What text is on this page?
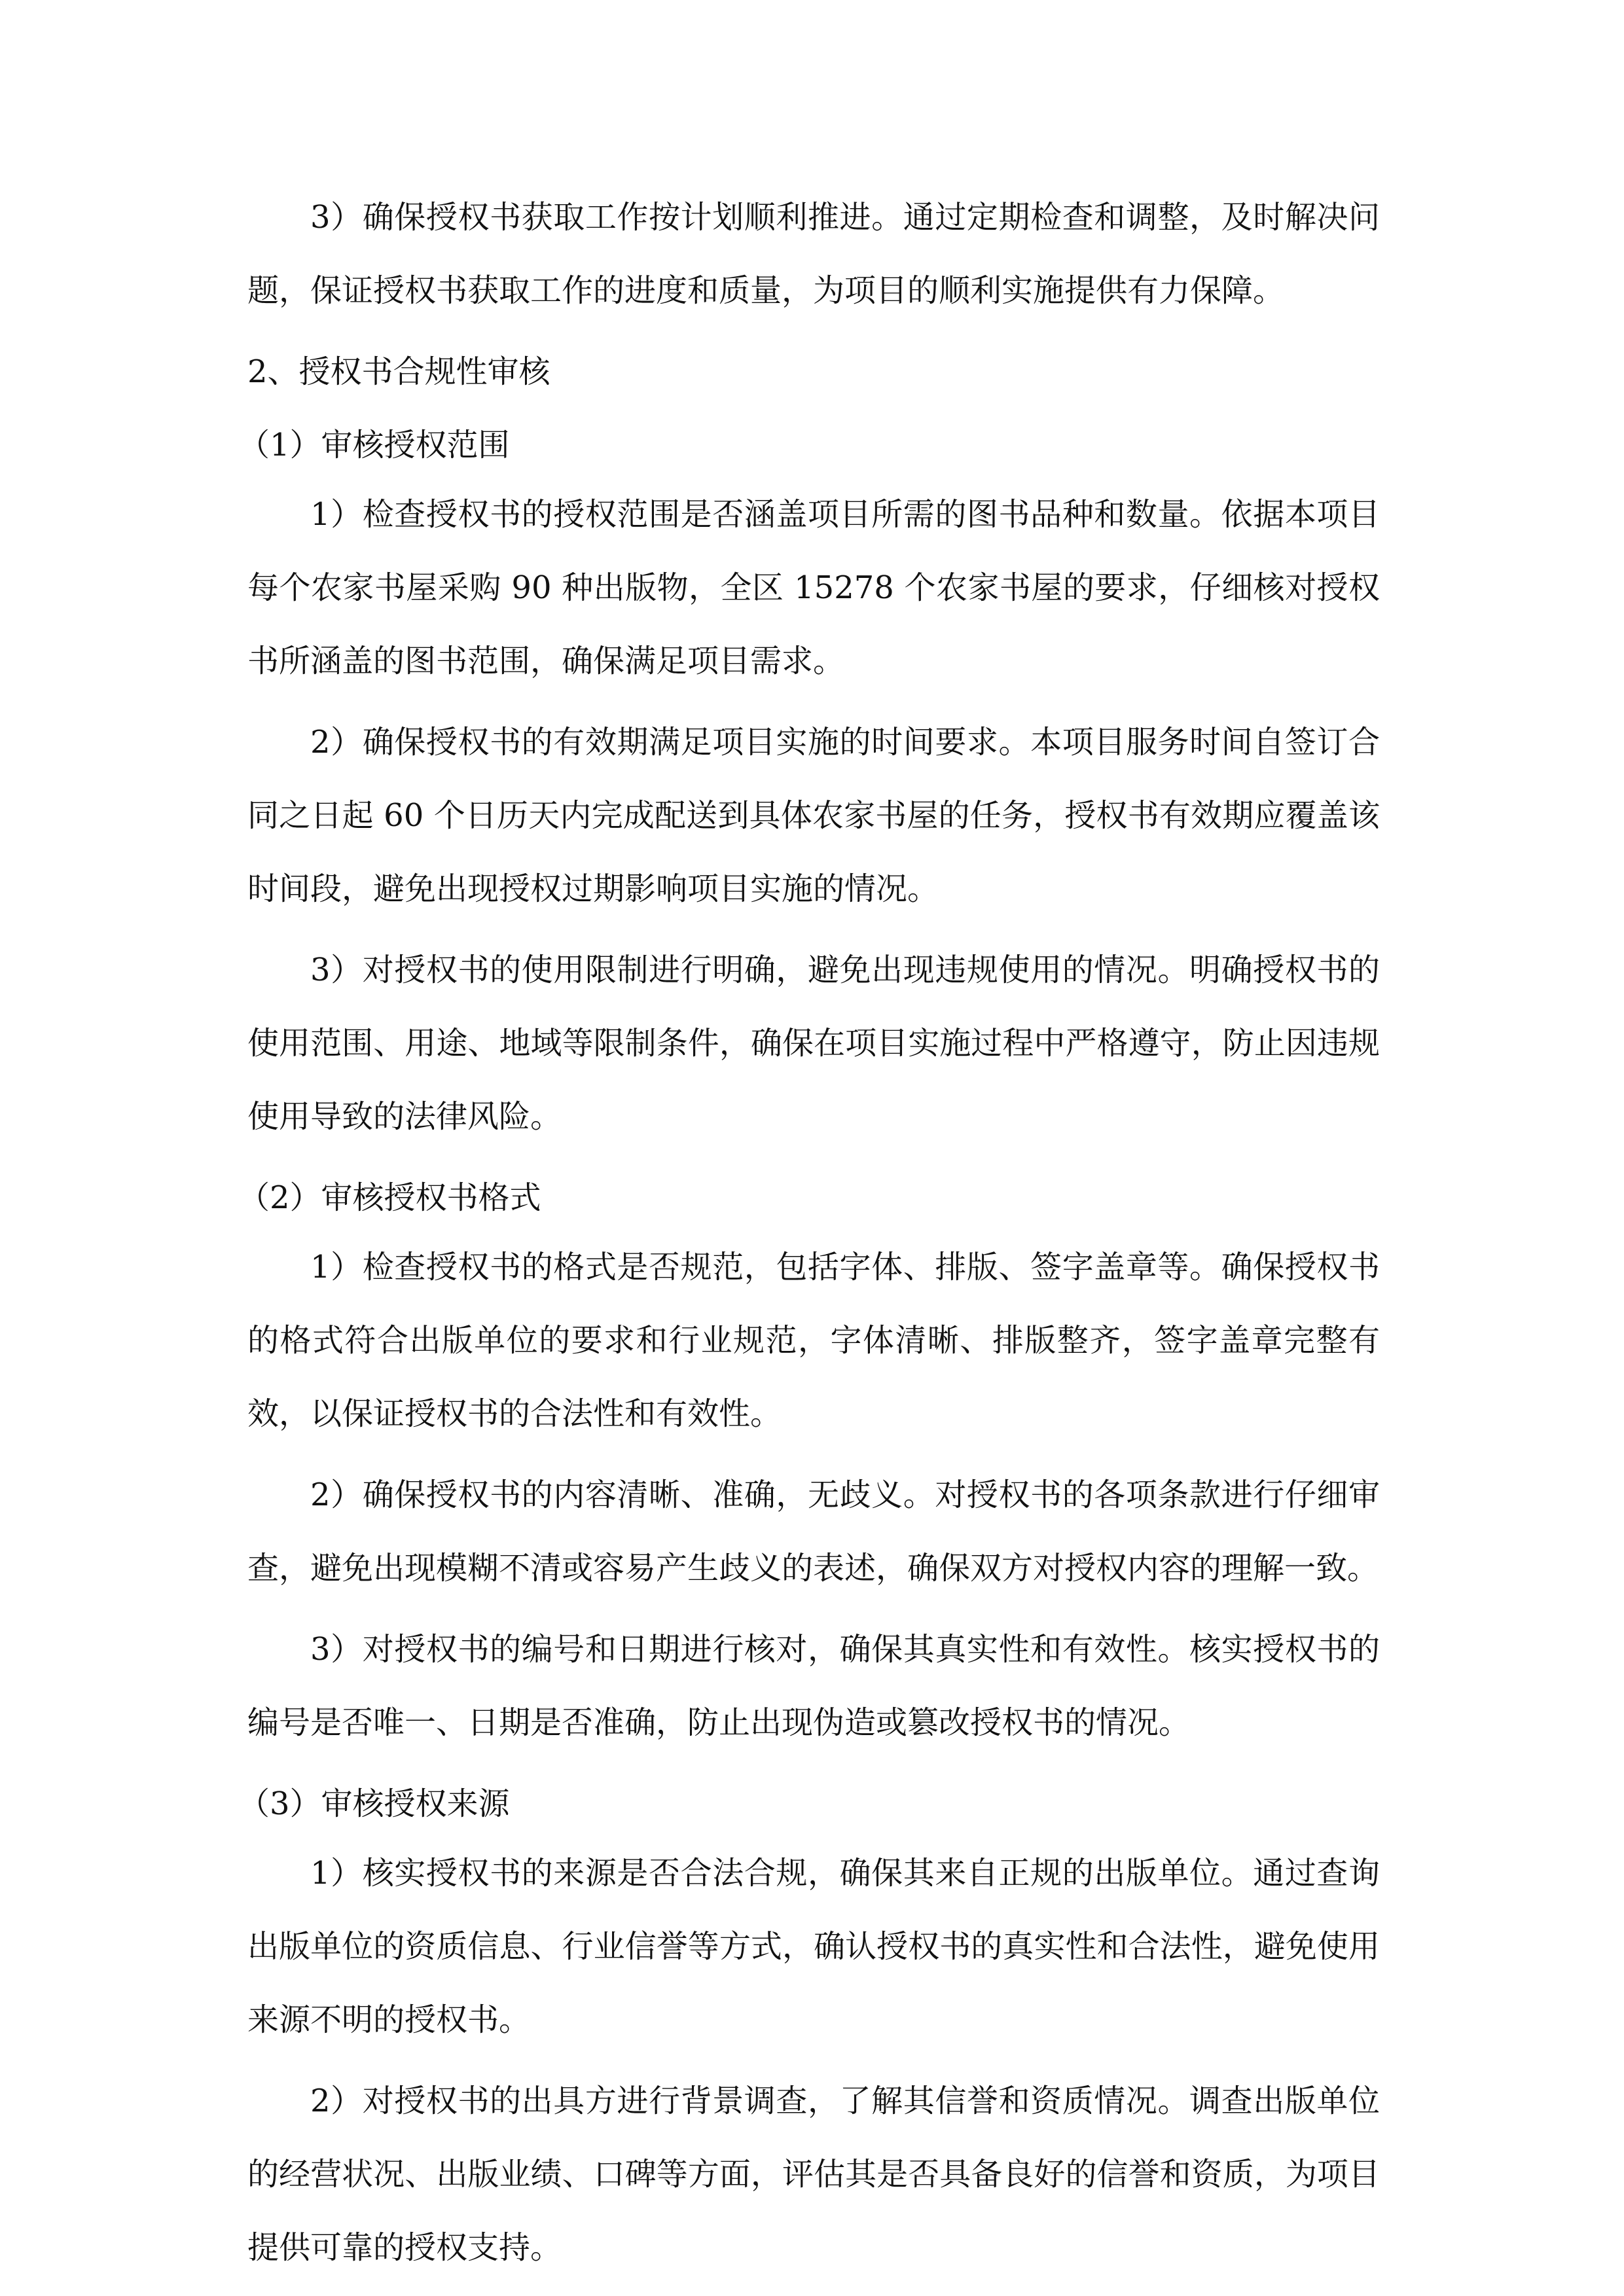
3）确保授权书获取工作按计划顺利推进。通过定期检查和调整，及时解决问题，保证授权书获取工作的进度和质量，为项目的顺利实施提供有力保障。

2、授权书合规性审核

（1）审核授权范围

1）检查授权书的授权范围是否涵盖项目所需的图书品种和数量。依据本项目每个农家书屋采购 90 种出版物，全区 15278 个农家书屋的要求，仔细核对授权书所涵盖的图书范围，确保满足项目需求。

2）确保授权书的有效期满足项目实施的时间要求。本项目服务时间自签订合同之日起 60 个日历天内完成配送到具体农家书屋的任务，授权书有效期应覆盖该时间段，避免出现授权过期影响项目实施的情况。

3）对授权书的使用限制进行明确，避免出现违规使用的情况。明确授权书的使用范围、用途、地域等限制条件，确保在项目实施过程中严格遵守，防止因违规使用导致的法律风险。

（2）审核授权书格式

1）检查授权书的格式是否规范，包括字体、排版、签字盖章等。确保授权书的格式符合出版单位的要求和行业规范，字体清晰、排版整齐，签字盖章完整有效，以保证授权书的合法性和有效性。

2）确保授权书的内容清晰、准确，无歧义。对授权书的各项条款进行仔细审查，避免出现模糊不清或容易产生歧义的表述，确保双方对授权内容的理解一致。

3）对授权书的编号和日期进行核对，确保其真实性和有效性。核实授权书的编号是否唯一、日期是否准确，防止出现伪造或篡改授权书的情况。

（3）审核授权来源

1）核实授权书的来源是否合法合规，确保其来自正规的出版单位。通过查询出版单位的资质信息、行业信誉等方式，确认授权书的真实性和合法性，避免使用来源不明的授权书。

2）对授权书的出具方进行背景调查，了解其信誉和资质情况。调查出版单位的经营状况、出版业绩、口碑等方面，评估其是否具备良好的信誉和资质，为项目提供可靠的授权支持。
